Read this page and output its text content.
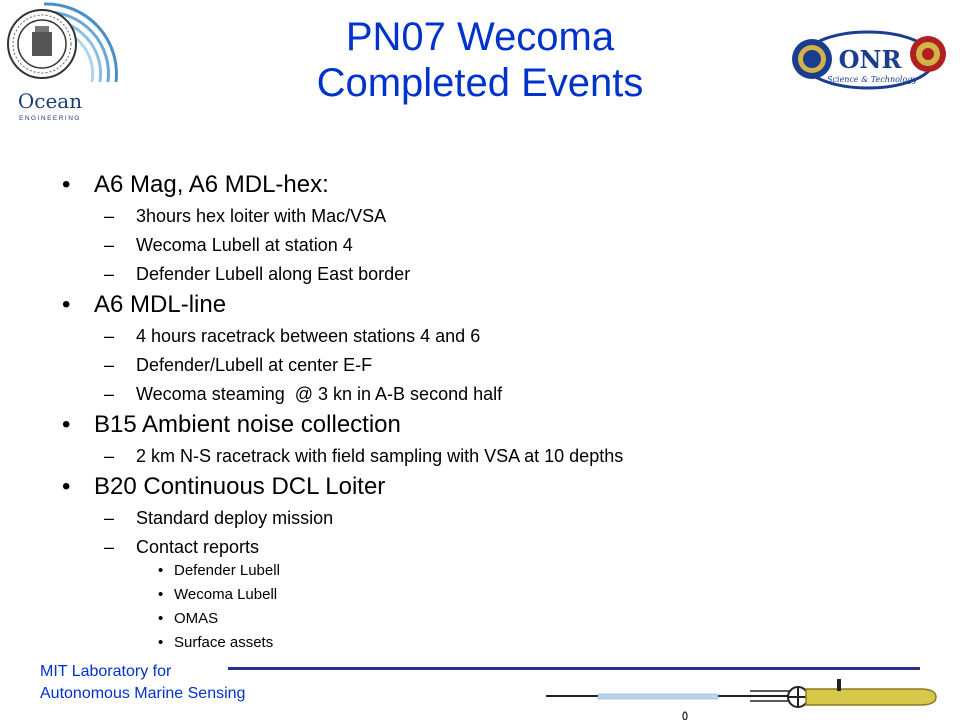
Ocean
ENGINEERING
ONR
Science & Technology
PN07 Wecoma
Completed Events
• A6 Mag, A6 MDL-hex:
– 3hours hex loiter with Mac/VSA
– Wecoma Lubell at station 4
– Defender Lubell along East border
• A6 MDL-line
– 4 hours racetrack between stations 4 and 6
– Defender/Lubell at center E-F
– Wecoma steaming  @ 3 kn in A-B second half
• B15 Ambient noise collection
– 2 km N-S racetrack with field sampling with VSA at 10 depths
• B20 Continuous DCL Loiter
– Standard deploy mission
– Contact reports
• Defender Lubell
• Wecoma Lubell
• OMAS
• Surface assets
MIT Laboratory for
Autonomous Marine Sensing
